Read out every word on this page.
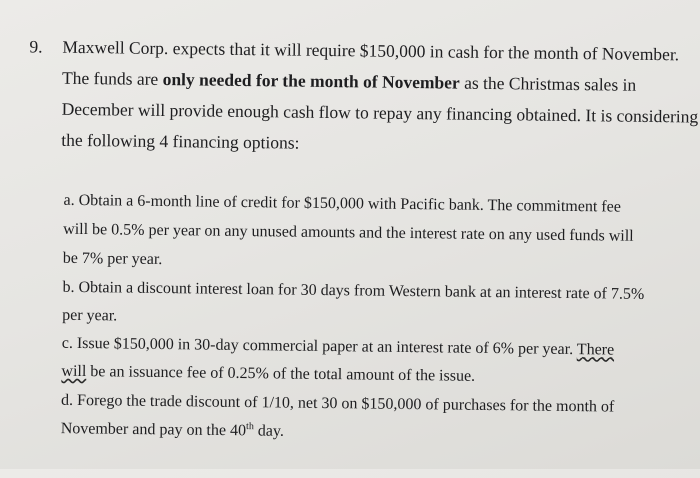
9. Maxwell Corp. expects that it will require $150,000 in cash for the month of November.
The funds are only needed for the month of November as the Christmas sales in
December will provide enough cash flow to repay any financing obtained. It is considering
the following 4 financing options:
a. Obtain a 6-month line of credit for $150,000 with Pacific bank. The commitment fee
will be 0.5% per year on any unused amounts and the interest rate on any used funds will
be 7% per year.
b. Obtain a discount interest loan for 30 days from Western bank at an interest rate of 7.5%
per year.
c. Issue $150,000 in 30-day commercial paper at an interest rate of 6% per year. There
will be an issuance fee of 0.25% of the total amount of the issue.
d. Forego the trade discount of 1/10, net 30 on $150,000 of purchases for the month of
November and pay on the 40th day.
